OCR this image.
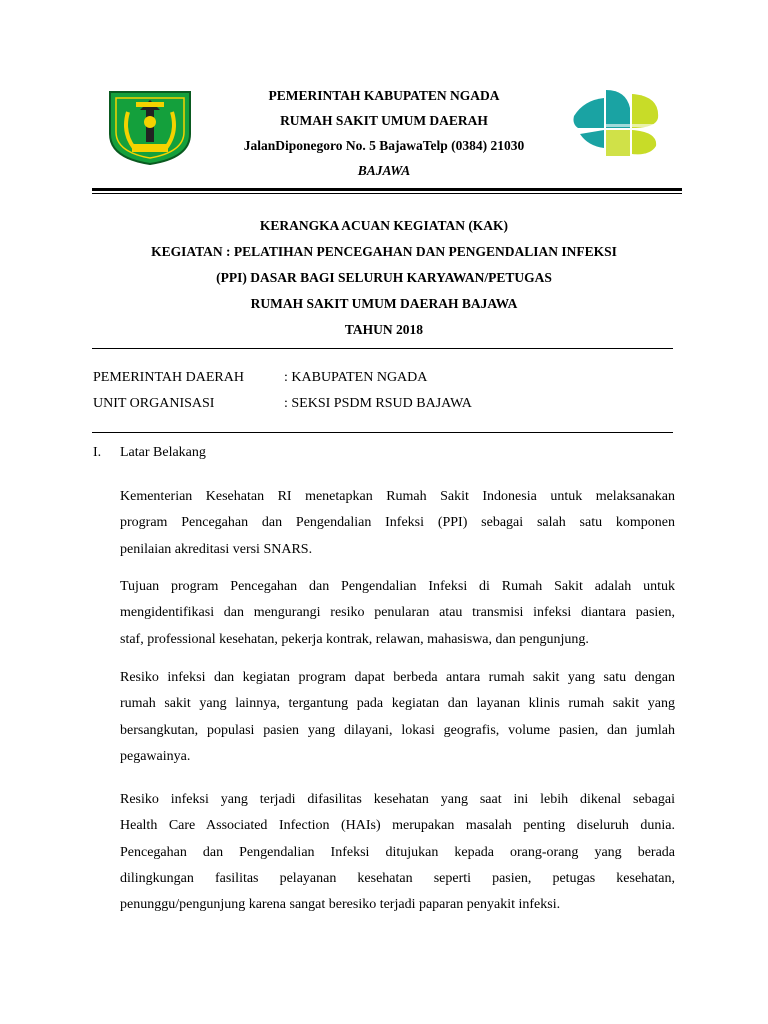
PEMERINTAH KABUPATEN NGADA
RUMAH SAKIT UMUM DAERAH
JalanDiponegoro No. 5 BajawaTelp (0384) 21030
BAJAWA
KERANGKA ACUAN KEGIATAN (KAK)
KEGIATAN : PELATIHAN PENCEGAHAN DAN PENGENDALIAN INFEKSI
(PPI) DASAR BAGI SELURUH KARYAWAN/PETUGAS
RUMAH SAKIT UMUM DAERAH BAJAWA
TAHUN 2018
PEMERINTAH DAERAH	: KABUPATEN NGADA
UNIT ORGANISASI	: SEKSI PSDM RSUD BAJAWA
I. Latar Belakang
Kementerian Kesehatan RI menetapkan Rumah Sakit Indonesia untuk melaksanakan
program Pencegahan dan Pengendalian Infeksi (PPI) sebagai salah satu komponen
penilaian akreditasi versi SNARS.
Tujuan program Pencegahan dan Pengendalian Infeksi di Rumah Sakit adalah untuk
mengidentifikasi dan mengurangi resiko penularan atau transmisi infeksi diantara pasien,
staf, professional kesehatan, pekerja kontrak, relawan, mahasiswa, dan pengunjung.
Resiko infeksi dan kegiatan program dapat berbeda antara rumah sakit yang satu dengan
rumah sakit yang lainnya, tergantung pada kegiatan dan layanan klinis rumah sakit yang
bersangkutan, populasi pasien yang dilayani, lokasi geografis, volume pasien, dan jumlah
pegawainya.
Resiko infeksi yang terjadi difasilitas kesehatan yang saat ini lebih dikenal sebagai
Health Care Associated Infection (HAIs) merupakan masalah penting diseluruh dunia.
Pencegahan dan Pengendalian Infeksi ditujukan kepada orang-orang yang berada
dilingkungan fasilitas pelayanan kesehatan seperti pasien, petugas kesehatan,
penunggu/pengunjung karena sangat beresiko terjadi paparan penyakit infeksi.
